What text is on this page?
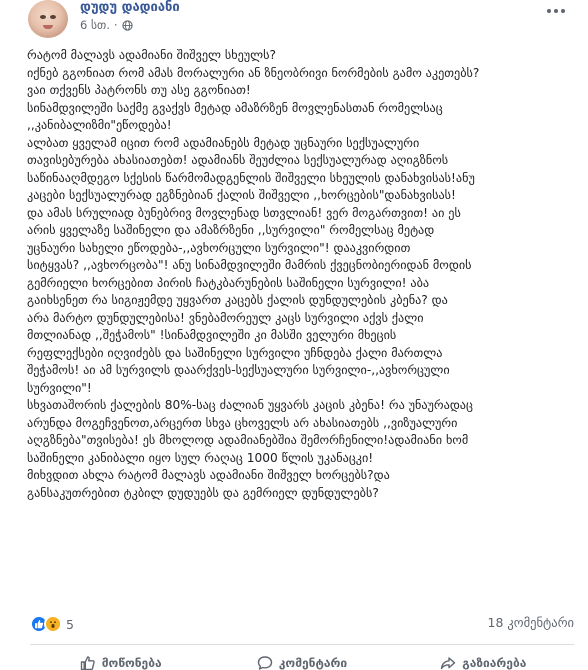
დუდუ დადიანი
6 სთ. ·

რატომ მალავს ადამიანი შიშველ სხეულს?

იქნებ გგონიათ რომ ამას მორალური ან ზნეობრივი ნორმების გამო აკეთებს?

ვაი თქვენს პატრონს თუ ასე გგონიათ!

სინამდვილეში საქმე გვაქვს მეტად ამაზრზენ მოვლენასთან რომელსაც

,,კანიბალიზმი"ეწოდება!

ალბათ ყველამ იცით რომ ადამიანებს მეტად უცნაური სექსუალური

თავისებურება ახასიათებთ! ადამიანს შეუძლია სექსუალურად აღიგზნოს

საწინააღმდეგო სქესის წარმომადგენლის შიშველი სხეულის დანახვისას!ანუ

კაცები სექსუალურად ეგზნებიან ქალის შიშველი ,,ხორცების"დანახვისას!

და ამას სრულიად ბუნებრივ მოვლენად სთვლიან! ვერ მოგართვით! აი ეს

არის ყველაზე საშინელი და ამაზრზენი ,,სურვილი" რომელსაც მეტად

უცნაური სახელი ეწოდება-,,ავხორცული სურვილი"! დააკვირდით

სიტყვას? ,,ავხორცობა"! ანუ სინამდვილეში მამრის ქვეცნობიერიდან მოდის

გემრიელი ხორცებით პირის ჩატკბარუნების საშინელი სურვილი! აბა

გაიხსენეთ რა სიგიჟემდე უყვართ კაცებს ქალის დუნდულების კბენა? და

არა მარტო დუნდულებისა! ვნებამორეულ კაცს სურვილი აქვს ქალი

მთლიანად ,,შეჭამოს" !სინამდვილეში კი მასში ველური მხეცის

რეფლექსები იღვიძებს და საშინელი სურვილი უჩნდება ქალი მართლა

შეჭამოს! აი ამ სურვილს დაარქვეს-სექსუალური სურვილი-,,ავხორცული

სურვილი"!

სხვათაშორის ქალების 80%-საც ძალიან უყვარს კაცის კბენა! რა უნაურადაც

არუნდა მოგეჩვენოთ,არცერთ სხვა ცხოველს არ ახასიათებს ,,ვიზუალური

აღგზნება"თვისება! ეს მხოლოდ ადამიანებშია შემორჩენილი!ადამიანი ხომ

საშინელი კანიბალი იყო სულ რაღაც 1000 წლის უკანაცკი!

მიხვდით ახლა რატომ მალავს ადამიანი შიშველ ხორცებს?და

განსაკუთრებით ტკბილ დუდუებს და გემრიელ დუნდულებს?

5	18 კომენტარი
მოწონება	კომენტარი	გაზიარება
